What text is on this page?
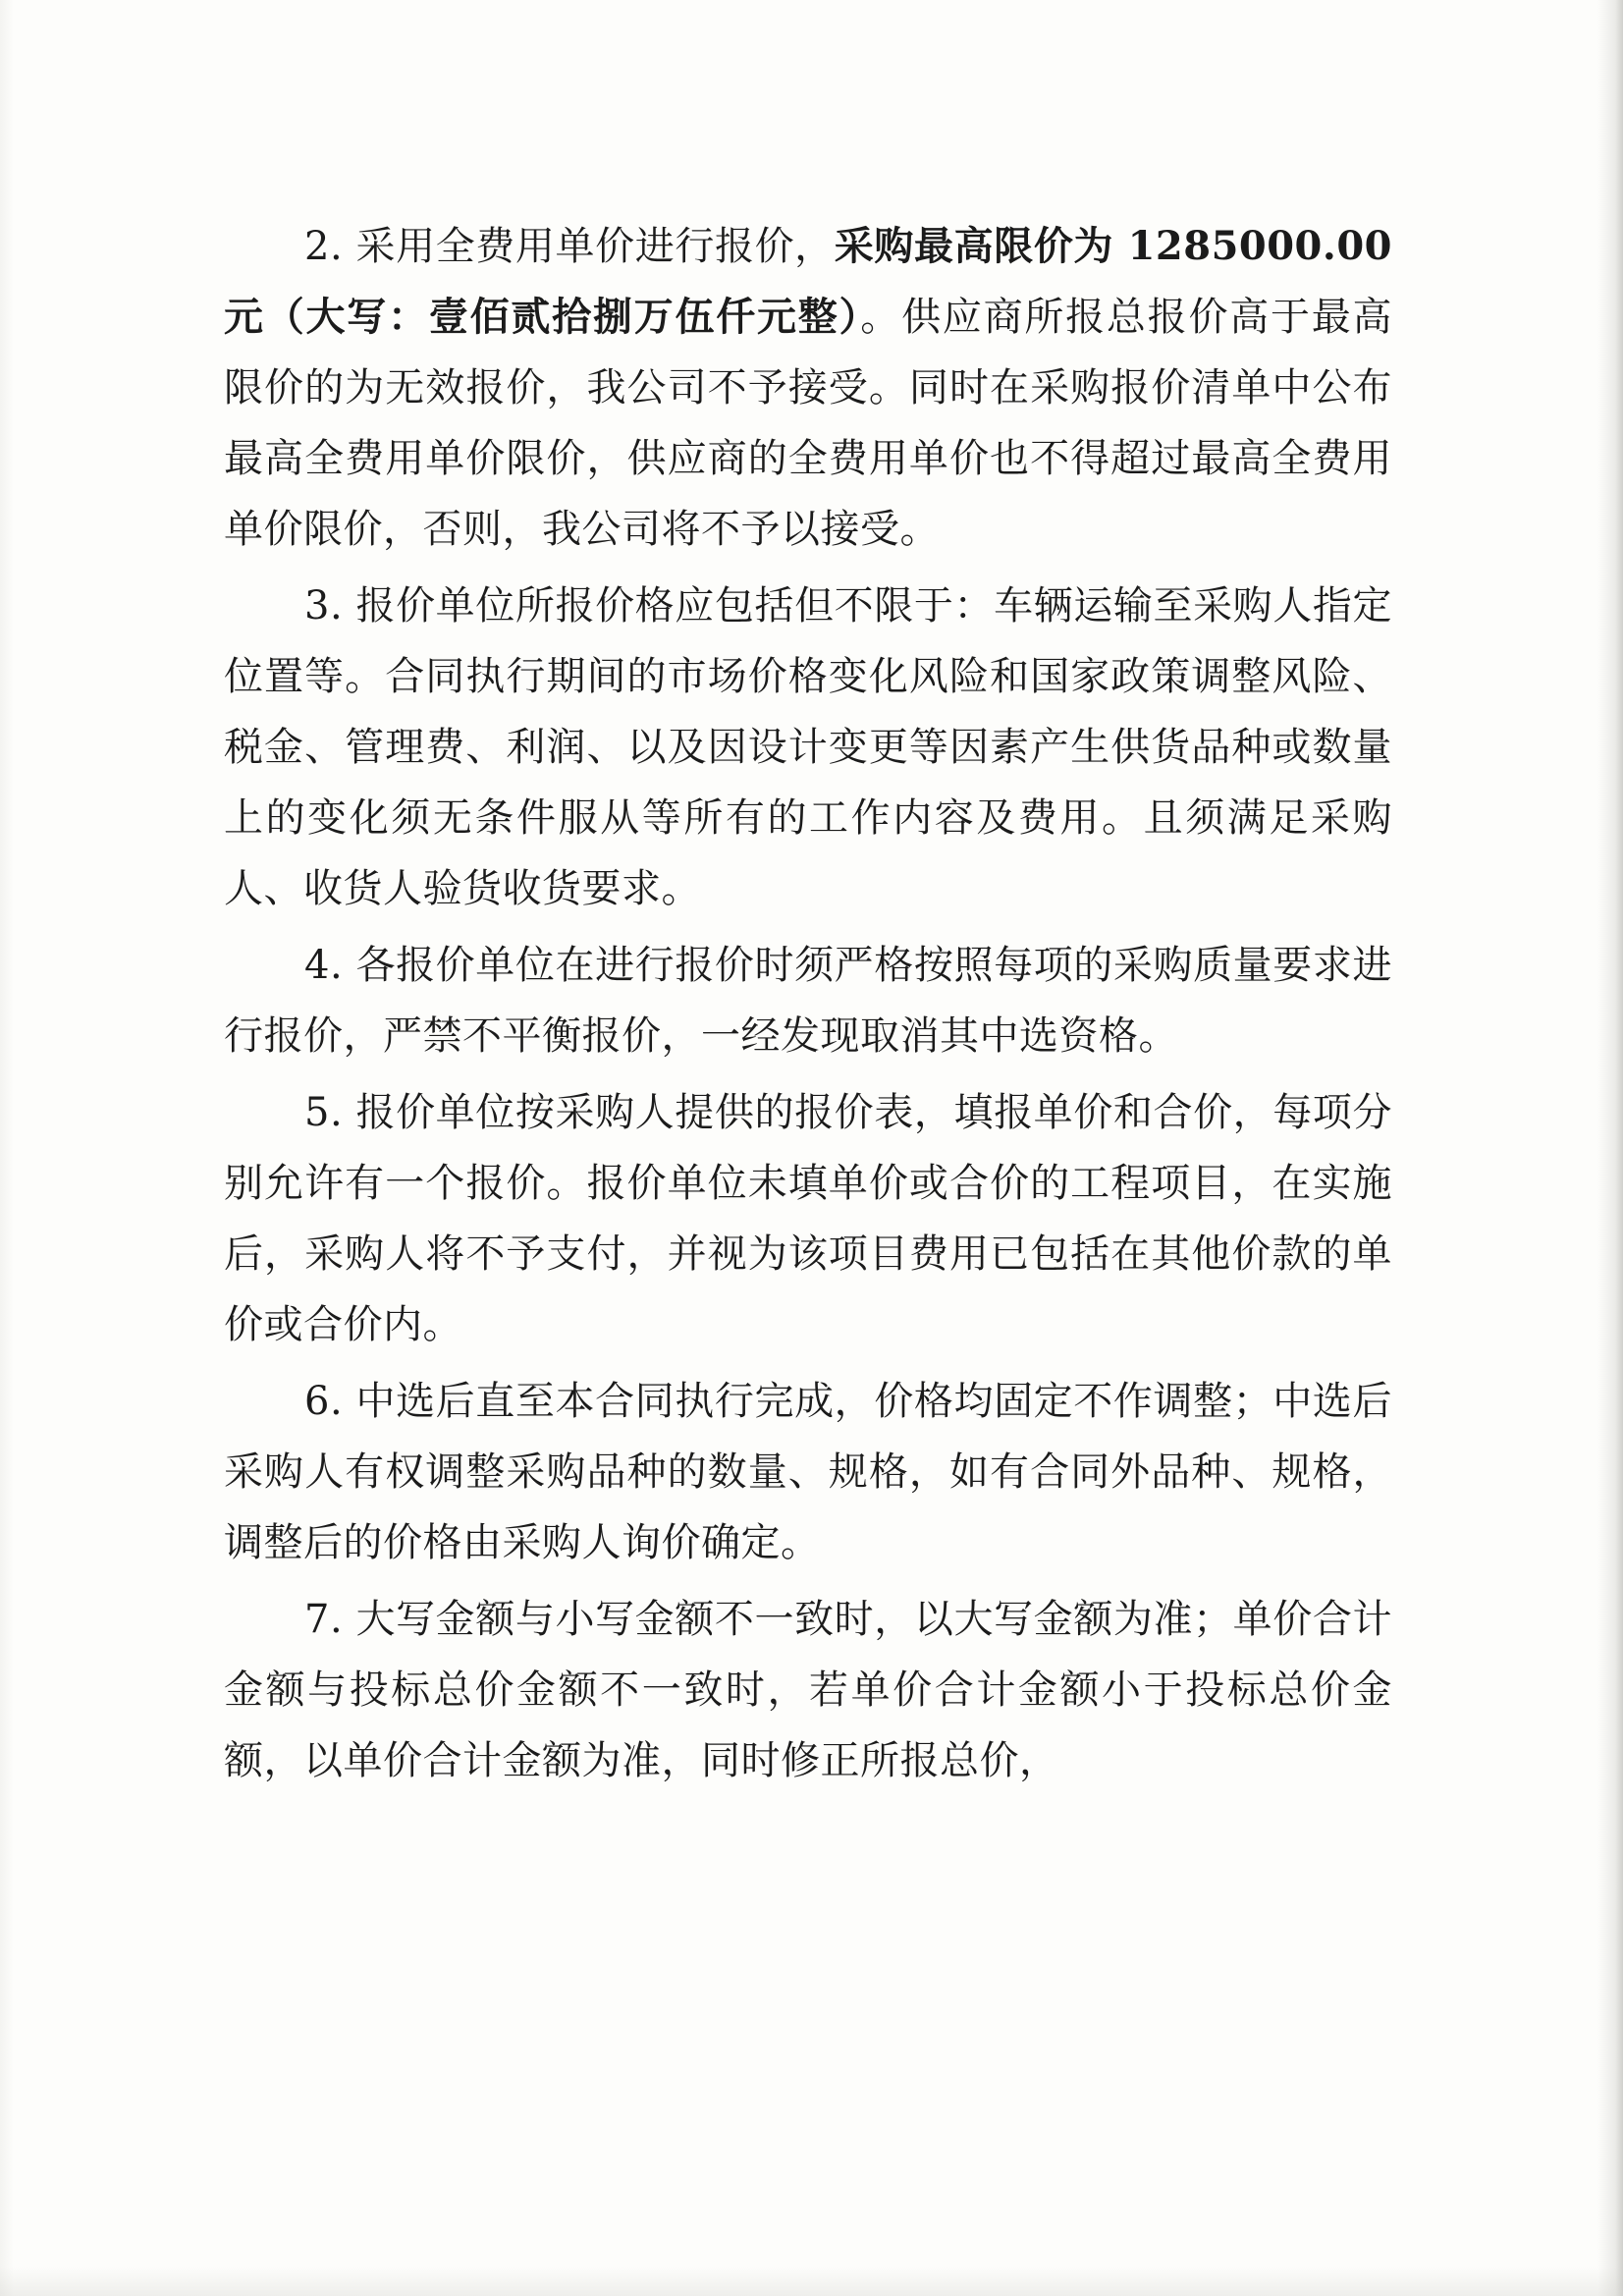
2. 采用全费用单价进行报价，采购最高限价为 1285000.00 元（大写：壹佰贰拾捌万伍仟元整）。供应商所报总报价高于最高限价的为无效报价，我公司不予接受。同时在采购报价清单中公布最高全费用单价限价，供应商的全费用单价也不得超过最高全费用单价限价，否则，我公司将不予以接受。

3. 报价单位所报价格应包括但不限于：车辆运输至采购人指定位置等。合同执行期间的市场价格变化风险和国家政策调整风险、税金、管理费、利润、以及因设计变更等因素产生供货品种或数量上的变化须无条件服从等所有的工作内容及费用。且须满足采购人、收货人验货收货要求。

4. 各报价单位在进行报价时须严格按照每项的采购质量要求进行报价，严禁不平衡报价，一经发现取消其中选资格。

5. 报价单位按采购人提供的报价表，填报单价和合价，每项分别允许有一个报价。报价单位未填单价或合价的工程项目，在实施后，采购人将不予支付，并视为该项目费用已包括在其他价款的单价或合价内。

6. 中选后直至本合同执行完成，价格均固定不作调整；中选后采购人有权调整采购品种的数量、规格，如有合同外品种、规格，调整后的价格由采购人询价确定。

7. 大写金额与小写金额不一致时，以大写金额为准；单价合计金额与投标总价金额不一致时，若单价合计金额小于投标总价金额，以单价合计金额为准，同时修正所报总价，
